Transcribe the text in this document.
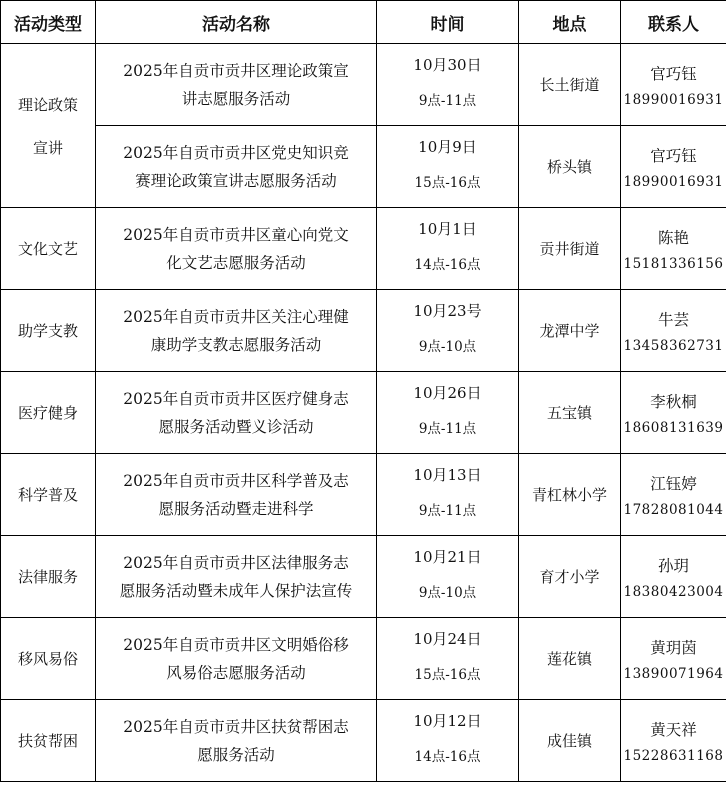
活动类型	活动名称	时间	地点	联系人

理论政策
宣讲	2025年自贡市贡井区理论政策宣
讲志愿服务活动	10月30日
9点-11点	长土街道	官巧钰
18990016931

	2025年自贡市贡井区党史知识竞
赛理论政策宣讲志愿服务活动	10月9日
15点-16点	桥头镇	官巧钰
18990016931

文化文艺	2025年自贡市贡井区童心向党文
化文艺志愿服务活动	10月1日
14点-16点	贡井街道	陈艳
15181336156

助学支教	2025年自贡市贡井区关注心理健
康助学支教志愿服务活动	10月23号
9点-10点	龙潭中学	牛芸
13458362731

医疗健身	2025年自贡市贡井区医疗健身志
愿服务活动暨义诊活动	10月26日
9点-11点	五宝镇	李秋桐
18608131639

科学普及	2025年自贡市贡井区科学普及志
愿服务活动暨走进科学	10月13日
9点-11点	青杠林小学	江钰婷
17828081044

法律服务	2025年自贡市贡井区法律服务志
愿服务活动暨未成年人保护法宣传	10月21日
9点-10点	育才小学	孙玥
18380423004

移风易俗	2025年自贡市贡井区文明婚俗移
风易俗志愿服务活动	10月24日
15点-16点	莲花镇	黄玥茵
13890071964

扶贫帮困	2025年自贡市贡井区扶贫帮困志
愿服务活动	10月12日
14点-16点	成佳镇	黄天祥
15228631168
